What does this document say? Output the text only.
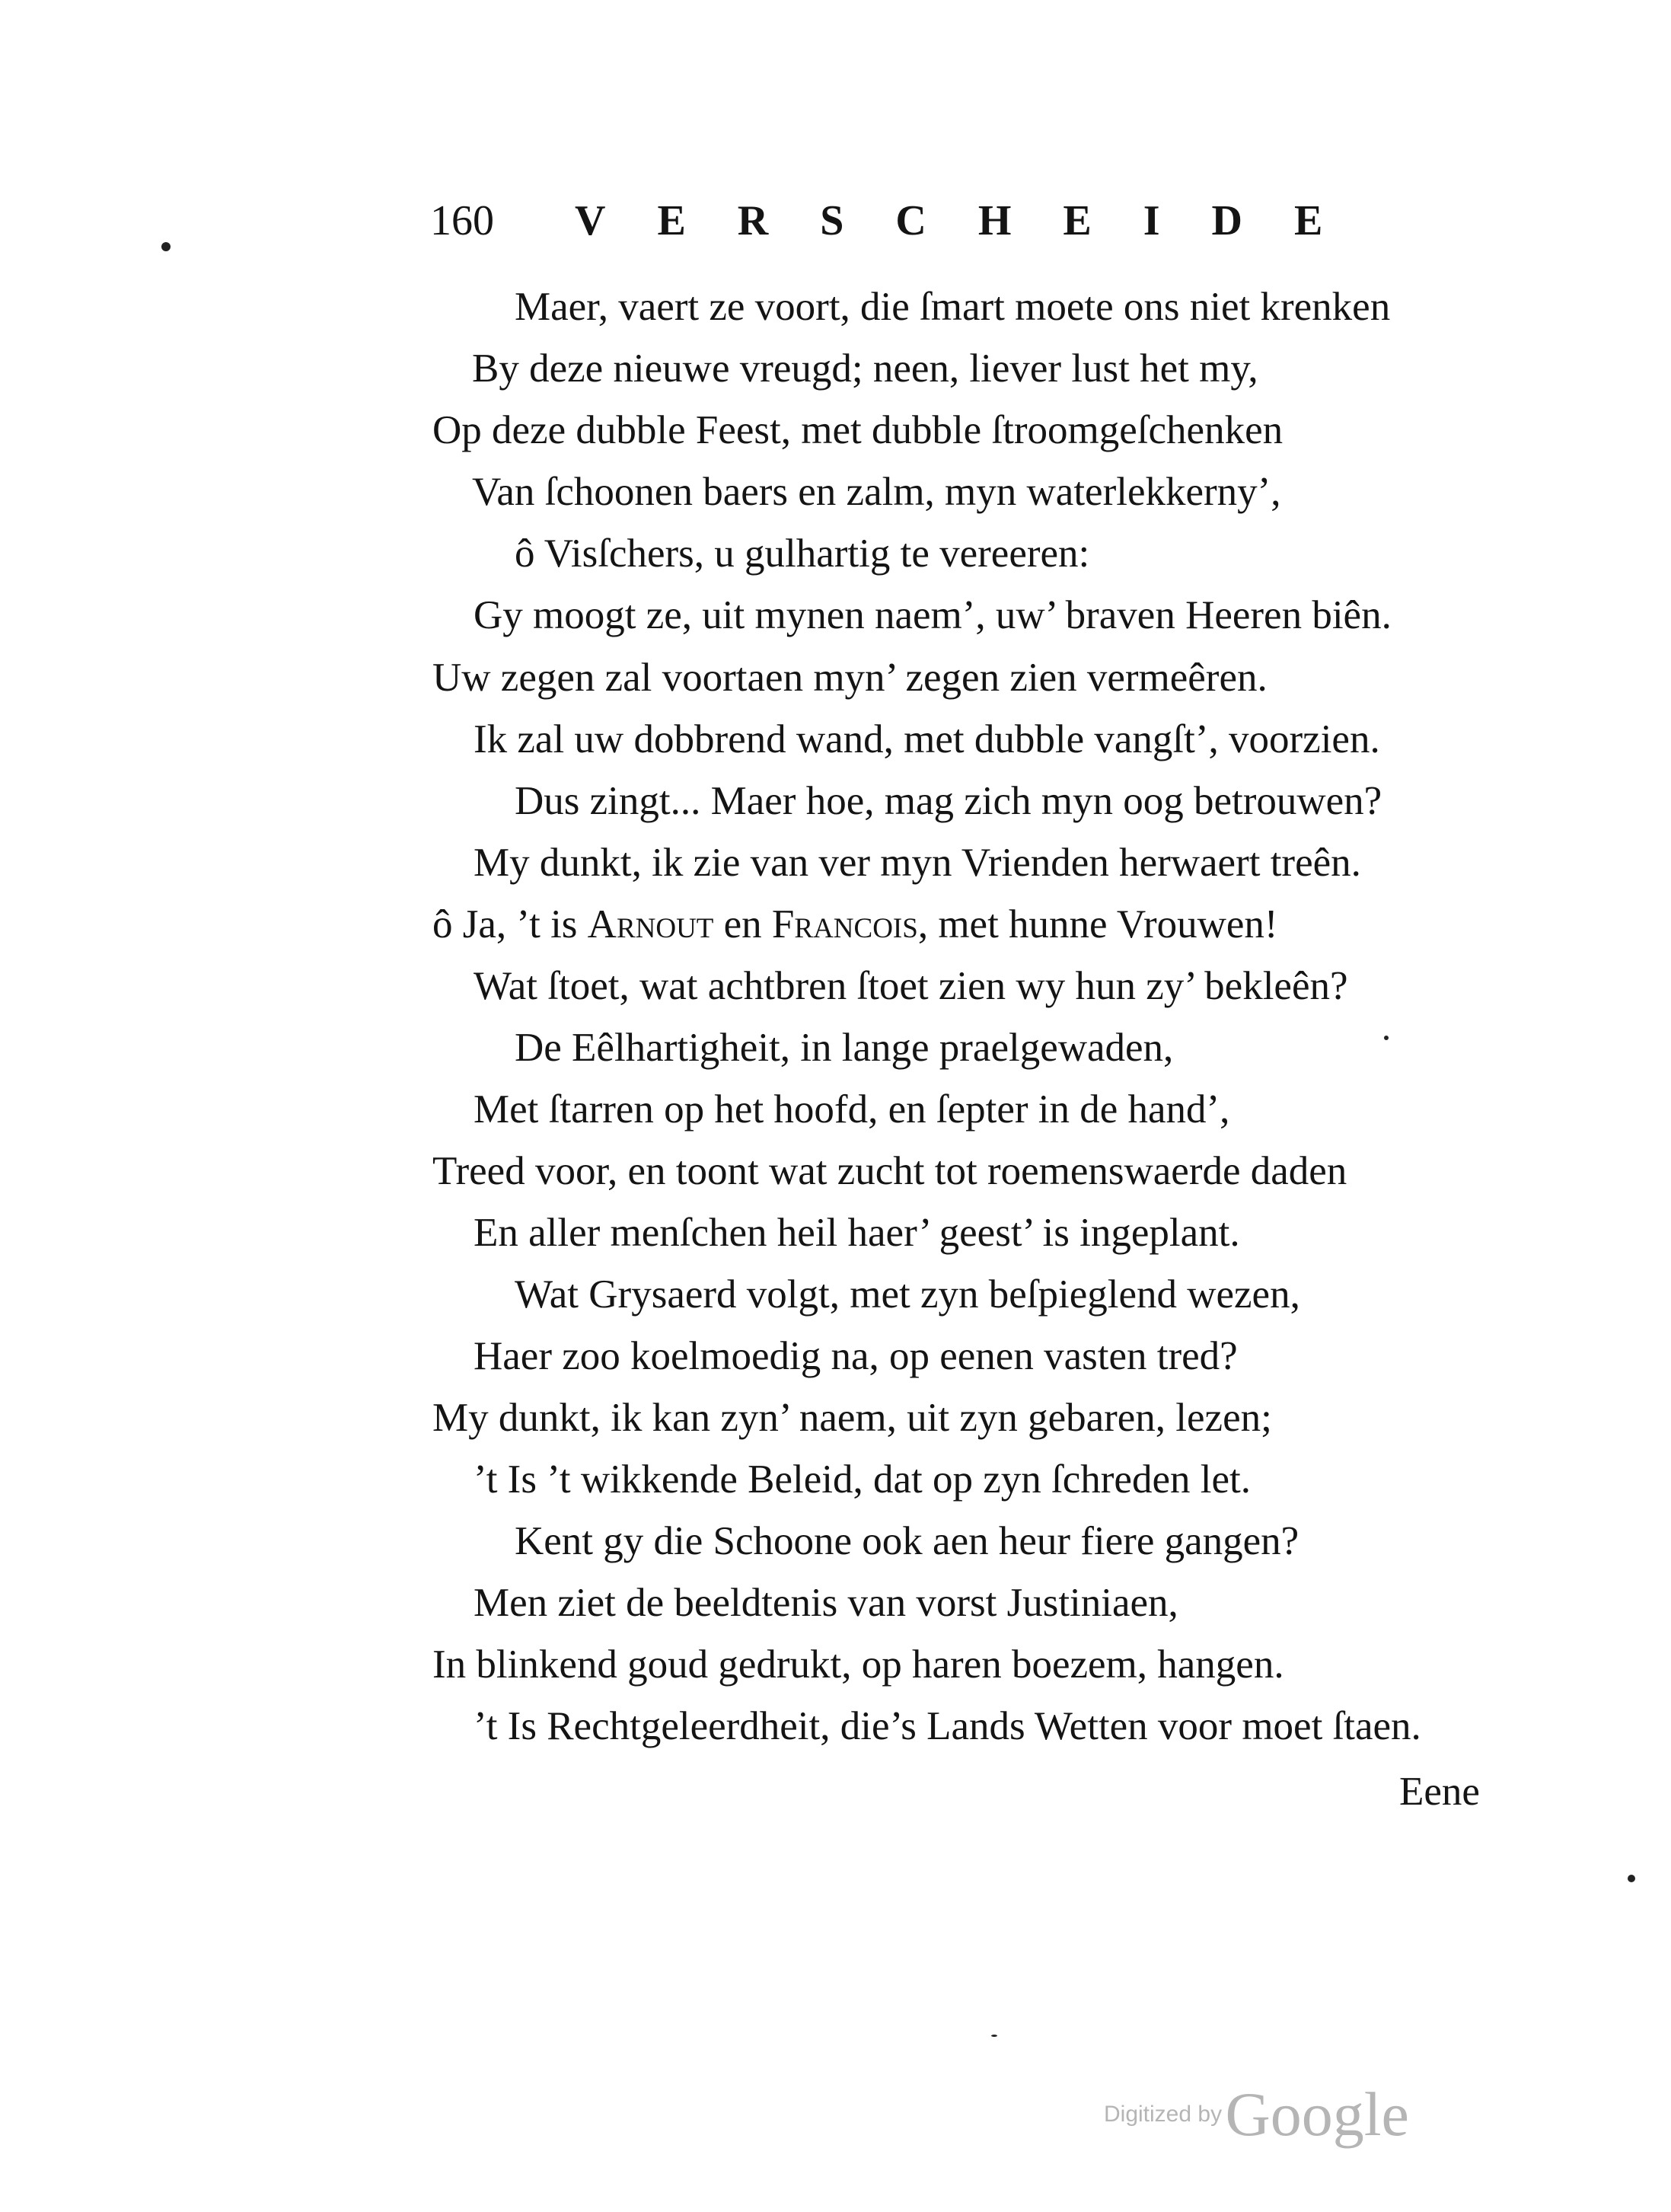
160 VERSCHEIDE
Maer, vaert ze voort, die ſmart moete ons niet krenken
By deze nieuwe vreugd; neen, liever lust het my,
Op deze dubble Feest, met dubble ſtroomgeſchenken
Van ſchoonen baers en zalm, myn waterlekkerny’,
ô Visſchers, u gulhartig te vereeren:
Gy moogt ze, uit mynen naem’, uw’ braven Heeren biên.
Uw zegen zal voortaen myn’ zegen zien vermeêren.
Ik zal uw dobbrend wand, met dubble vangſt’, voorzien.
Dus zingt... Maer hoe, mag zich myn oog betrouwen?
My dunkt, ik zie van ver myn Vrienden herwaert treên.
ô Ja, ’t is Arnout en Francois, met hunne Vrouwen!
Wat ſtoet, wat achtbren ſtoet zien wy hun zy’ bekleên?
De Eêlhartigheit, in lange praelgewaden,
Met ſtarren op het hoofd, en ſepter in de hand’,
Treed voor, en toont wat zucht tot roemenswaerde daden
En aller menſchen heil haer’ geest’ is ingeplant.
Wat Grysaerd volgt, met zyn beſpieglend wezen,
Haer zoo koelmoedig na, op eenen vasten tred?
My dunkt, ik kan zyn’ naem, uit zyn gebaren, lezen;
’t Is ’t wikkende Beleid, dat op zyn ſchreden let.
Kent gy die Schoone ook aen heur fiere gangen?
Men ziet de beeldtenis van vorst Justiniaen,
In blinkend goud gedrukt, op haren boezem, hangen.
’t Is Rechtgeleerdheit, die’s Lands Wetten voor moet ſtaen.
Eene
Digitized by Google
